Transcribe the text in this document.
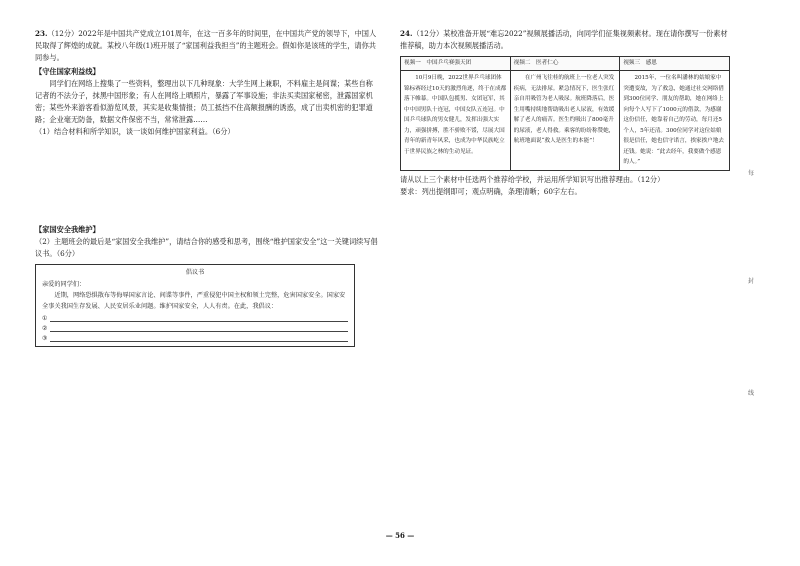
23.（12分）2022年是中国共产党成立101周年，在这一百多年的时间里，在中国共产党的领导下，中国人民取得了辉煌的成就。某校八年级(1)班开展了“家国利益我担当”的主题班会。假如你是该班的学生，请你共同参与。

【守住国家利益线】

同学们在网络上搜集了一些资料，整理出以下几种现象：大学生网上兼职，不料雇主是间谍；某些自称记者的不法分子，抹黑中国形象；有人在网络上晒照片，暴露了军事设施；非法买卖国家秘密，泄露国家机密；某些外来游客看似游览风景，其实是收集情报；员工抵挡不住高额报酬的诱惑，成了出卖机密的犯罪道路；企业毫无防备，数据文件保密不当，常常泄露……

（1）结合材料和所学知识，谈一谈如何维护国家利益。（6分）

【家国安全我维护】

（2）主题班会的最后是“家国安全我维护”，请结合你的感受和思考，围绕“维护国家安全”这一关键词续写倡议书。（6分）

倡议书

亲爱的同学们：

近期，网络恐惧散布等侮辱国家言论、间谍等事件，严重侵犯中国主权和领土完整，危害国家安全。国家安全事关我国生存发展、人民安居乐业问题。维护国家安全，人人有责。在此，我倡议：

①
②
③

24.（12分）某校准备开展“难忘2022”视频展播活动，向同学们征集视频素材。现在请你撰写一份素材推荐稿，助力本次视频展播活动。

视频一　中国乒乓赛强天团	视频二　医者仁心	视频三　感恩

10月9日晚，2022世界乒乓球团体锦标赛经过10天的激烈角逐，终于在成都落下帷幕。中国队包揽男、女团冠军，其中中国男队十连冠，中国女队五连冠。中国乒乓球队的男女健儿，发挥出强大实力，顽强拼搏，胜不骄败不馁，尽展大国青年的新青年风采，也成为中华民族屹立于世界民族之林的生动见证。	在广州飞往桂的航班上一位老人突发疾病，无法排尿。紧急情况下，医生张红亲自用吸管为老人吸尿。航班降落后，医生用嘴持续地帮助吸出老人尿液，有效缓解了老人的痛苦。医生约吸出了800毫升的尿液，老人得救。乘客的纷纷称赞她，航班地面说“救人是医生的本能”！	2015年，一位名叫潘林的姑娘家中突遭变故，为了救急，她通过社交网络借到300位同学、朋友的帮助，她在网络上向每个人写下了1000元的借款，为感谢这份信任，她靠着自己的劳动，每月还5个人，5年还清。300位同学对这位姑娘很是信任，她也信守诺言，挨家挨户地去还钱。她说：“此去经年，我要做个感恩的人。”

请从以上三个素材中任选两个推荐给学校，并运用所学知识写出推荐理由。（12分）

要求：列出提纲即可；观点明确，条理清晰；60字左右。

每
封
线
— 56 —
